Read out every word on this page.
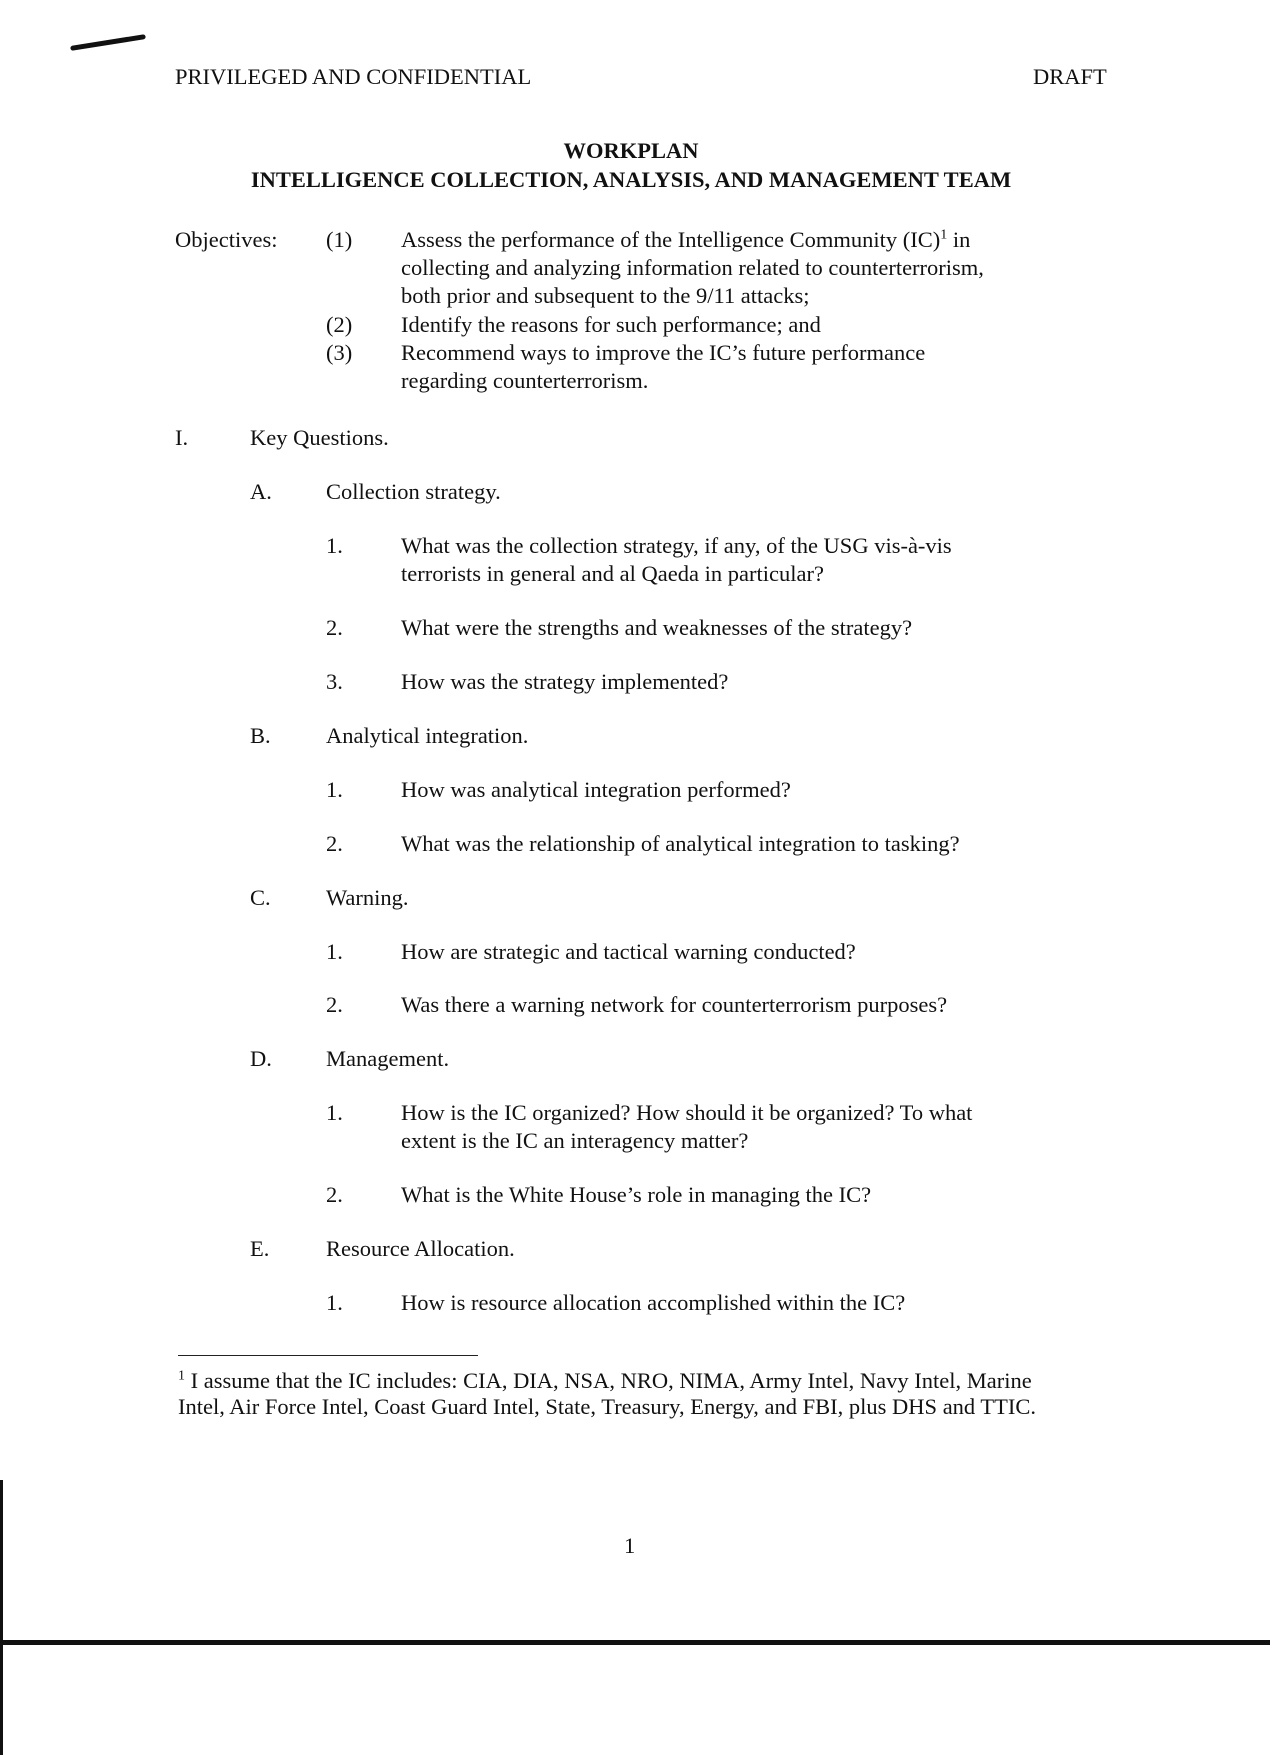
PRIVILEGED AND CONFIDENTIAL	DRAFT
WORKPLAN
INTELLIGENCE COLLECTION, ANALYSIS, AND MANAGEMENT TEAM
Objectives: (1) Assess the performance of the Intelligence Community (IC)$^1$ in
collecting and analyzing information related to counterterrorism,
both prior and subsequent to the 9/11 attacks;
(2) Identify the reasons for such performance; and
(3) Recommend ways to improve the IC’s future performance
regarding counterterrorism.
I.	Key Questions.
A. Collection strategy.
1.	What was the collection strategy, if any, of the USG vis-à-vis
terrorists in general and al Qaeda in particular?
2.	What were the strengths and weaknesses of the strategy?
3.	How was the strategy implemented?
B. Analytical integration.
1.	How was analytical integration performed?
2.	What was the relationship of analytical integration to tasking?
C. Warning.
1.	How are strategic and tactical warning conducted?
2.	Was there a warning network for counterterrorism purposes?
D. Management.
1.	How is the IC organized? How should it be organized? To what
extent is the IC an interagency matter?
2.	What is the White House’s role in managing the IC?
E.	Resource Allocation.
1.	How is resource allocation accomplished within the IC?
$^1$ I assume that the IC includes: CIA, DIA, NSA, NRO, NIMA, Army Intel, Navy Intel, Marine Intel, Air Force Intel, Coast Guard Intel, State, Treasury, Energy, and FBI, plus DHS and TTIC.
1
